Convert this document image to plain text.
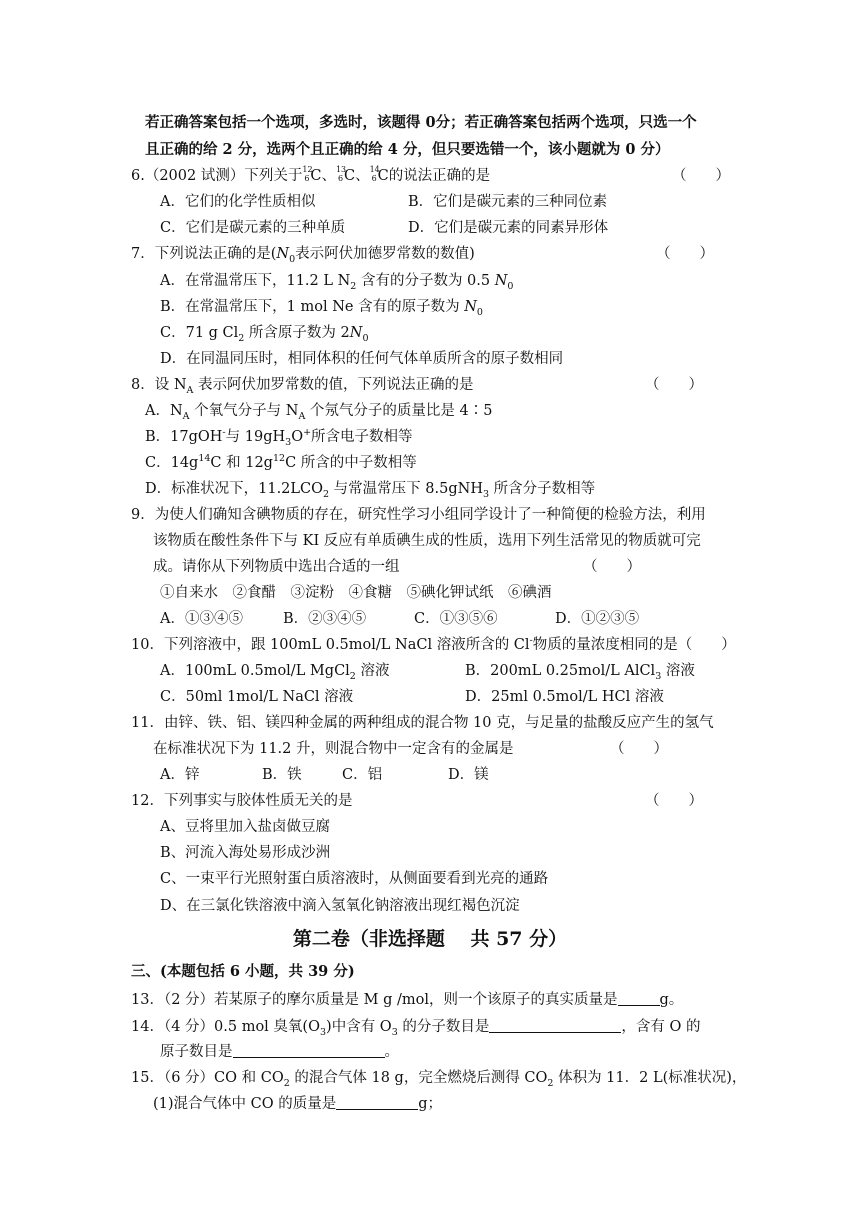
若正确答案包括一个选项，多选时，该题得 0分；若正确答案包括两个选项，只选一个
且正确的给 2 分，选两个且正确的给 4 分，但只要选错一个，该小题就为 0 分）
6.（2002 试测）下列关于 12
6 C、 13
6 C、 14
6 C的说法正确的是	（　　）
A．它们的化学性质相似	B．它们是碳元素的三种同位素
C．它们是碳元素的三种单质	D．它们是碳元素的同素异形体
7．下列说法正确的是($N_0$表示阿伏加德罗常数的数值)	（　　）
A．在常温常压下，11.2 L $N_2$ 含有的分子数为 0.5 $N_0$
B．在常温常压下，1 mol Ne 含有的原子数为 $N_0$
C．71 g $Cl_2$ 所含原子数为 $2N_0$
D．在同温同压时，相同体积的任何气体单质所含的原子数相同
8．设 $N_A$ 表示阿伏加罗常数的值，下列说法正确的是	（　　）
A．$N_A$ 个氧气分子与 $N_A$ 个氖气分子的质量比是 4∶5
B．17gOH-与 $19gH_3O^+$所含电子数相等
C．$14g^{14}C$ 和 $12g^{12}C$ 所含的中子数相等
D．标准状况下，$11.2LCO_2$ 与常温常压下 8.5gNH$_3$ 所含分子数相等
9．为使人们确知含碘物质的存在，研究性学习小组同学设计了一种简便的检验方法，利用
该物质在酸性条件下与 KI 反应有单质碘生成的性质，选用下列生活常见的物质就可完
成。请你从下列物质中选出合适的一组	（　　）
①自来水　②食醋　③淀粉　④食糖　⑤碘化钾试纸　⑥碘酒
A．①③④⑤	B．②③④⑤	C．①③⑤⑥	D．①②③⑤
10．下列溶液中，跟 100mL 0.5mol/L NaCl 溶液所含的 Cl-物质的量浓度相同的是（　　）
A．100mL 0.5mol/L MgCl$_2$ 溶液	B．200mL 0.25mol/L AlCl$_3$ 溶液
C．50ml 1mol/L NaCl 溶液	D．25ml 0.5mol/L HCl 溶液
11．由锌、铁、铝、镁四种金属的两种组成的混合物 10 克，与足量的盐酸反应产生的氢气
在标准状况下为 11.2 升，则混合物中一定含有的金属是	（　　）
A．锌	B．铁	C．铝	D．镁
12．下列事实与胶体性质无关的是	（　　）
A、豆将里加入盐卤做豆腐
B、河流入海处易形成沙洲
C、一束平行光照射蛋白质溶液时，从侧面要看到光亮的通路
D、在三氯化铁溶液中滴入氢氧化钠溶液出现红褐色沉淀
第二卷（非选择题　 共 57 分）
三、(本题包括 6 小题，共 39 分)
13．（2 分）若某原子的摩尔质量是 M g /mol，则一个该原子的真实质量是	g。
14．（4 分）0.5 mol 臭氧$(O_3)$中含有 $O_3$ 的分子数目是	，含有 O 的
原子数目是	。
15．（6 分）CO 和 $CO_2$ 的混合气体 18 g，完全燃烧后测得 $CO_2$ 体积为 11．2 L(标准状况)，
(1)混合气体中 CO 的质量是	g；
